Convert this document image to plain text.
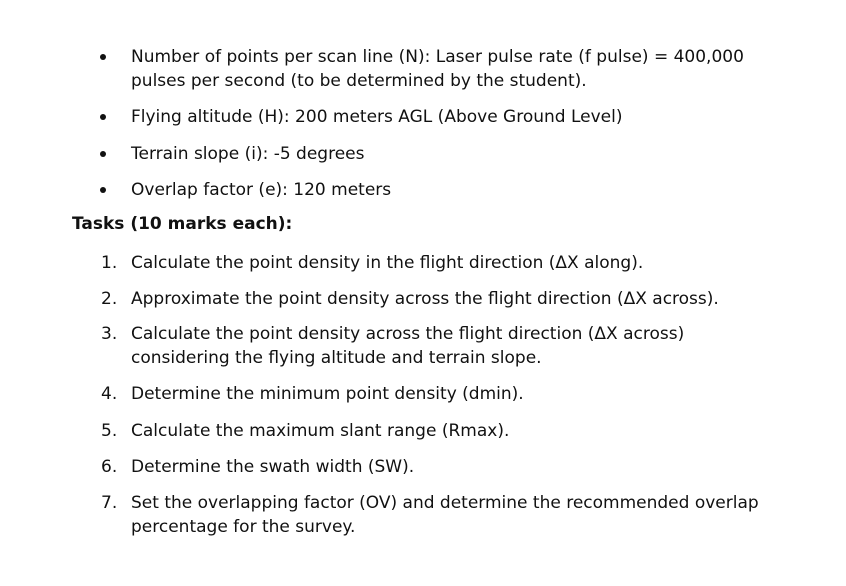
Number of points per scan line (N): Laser pulse rate (f pulse) = 400,000 pulses per second (to be determined by the student).
Flying altitude (H): 200 meters AGL (Above Ground Level)
Terrain slope (i): -5 degrees
Overlap factor (e): 120 meters
Tasks (10 marks each):
1. Calculate the point density in the flight direction (ΔX along).
2. Approximate the point density across the flight direction (ΔX across).
3. Calculate the point density across the flight direction (ΔX across) considering the flying altitude and terrain slope.
4. Determine the minimum point density (dmin).
5. Calculate the maximum slant range (Rmax).
6. Determine the swath width (SW).
7. Set the overlapping factor (OV) and determine the recommended overlap percentage for the survey.
